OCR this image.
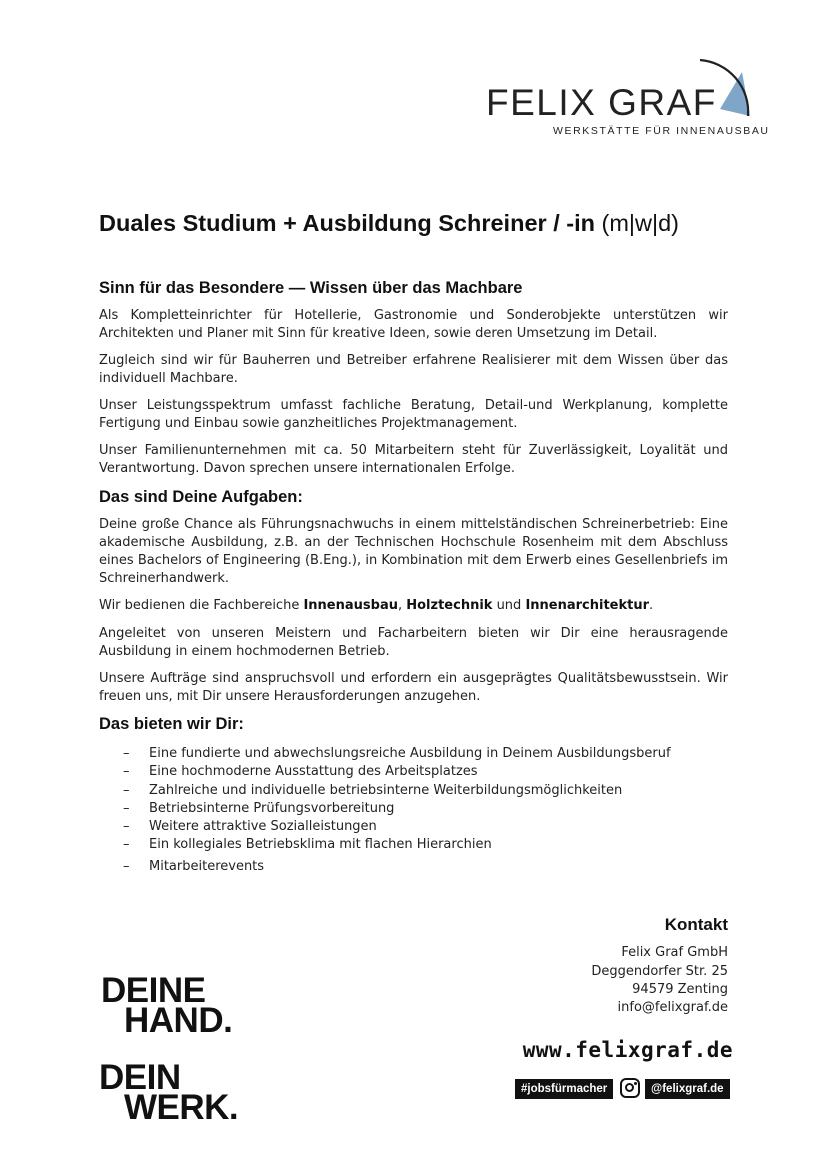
FELIX GRAF
WERKSTÄTTE FÜR INNENAUSBAU
Duales Studium + Ausbildung Schreiner / -in (m|w|d)
Sinn für das Besondere — Wissen über das Machbare

Als Kompletteinrichter für Hotellerie, Gastronomie und Sonderobjekte unterstützen wir Architekten und Planer mit Sinn für kreative Ideen, sowie deren Umsetzung im Detail.

Zugleich sind wir für Bauherren und Betreiber erfahrene Realisierer mit dem Wissen über das individuell Machbare.

Unser Leistungsspektrum umfasst fachliche Beratung, Detail-und Werkplanung, komplette Fertigung und Einbau sowie ganzheitliches Projektmanagement.

Unser Familienunternehmen mit ca. 50 Mitarbeitern steht für Zuverlässigkeit, Loyalität und Verantwortung. Davon sprechen unsere internationalen Erfolge.

Das sind Deine Aufgaben:

Deine große Chance als Führungsnachwuchs in einem mittelständischen Schreinerbetrieb: Eine akademische Ausbildung, z.B. an der Technischen Hochschule Rosenheim mit dem Abschluss eines Bachelors of Engineering (B.Eng.), in Kombination mit dem Erwerb eines Gesellenbriefs im Schreinerhandwerk.

Wir bedienen die Fachbereiche Innenausbau, Holztechnik und Innenarchitektur.

Angeleitet von unseren Meistern und Facharbeitern bieten wir Dir eine herausragende Ausbildung in einem hochmodernen Betrieb.

Unsere Aufträge sind anspruchsvoll und erfordern ein ausgeprägtes Qualitätsbewusstsein. Wir freuen uns, mit Dir unsere Herausforderungen anzugehen.

Das bieten wir Dir:
– Eine fundierte und abwechslungsreiche Ausbildung in Deinem Ausbildungsberuf
– Eine hochmoderne Ausstattung des Arbeitsplatzes
– Zahlreiche und individuelle betriebsinterne Weiterbildungsmöglichkeiten
– Betriebsinterne Prüfungsvorbereitung
– Weitere attraktive Sozialleistungen
– Ein kollegiales Betriebsklima mit flachen Hierarchien
– Mitarbeiterevents
DEINE
HAND.
DEIN
WERK.
Kontakt
Felix Graf GmbH
Deggendorfer Str. 25
94579 Zenting
info@felixgraf.de
www.felixgraf.de
#jobsfürmacher	@felixgraf.de
